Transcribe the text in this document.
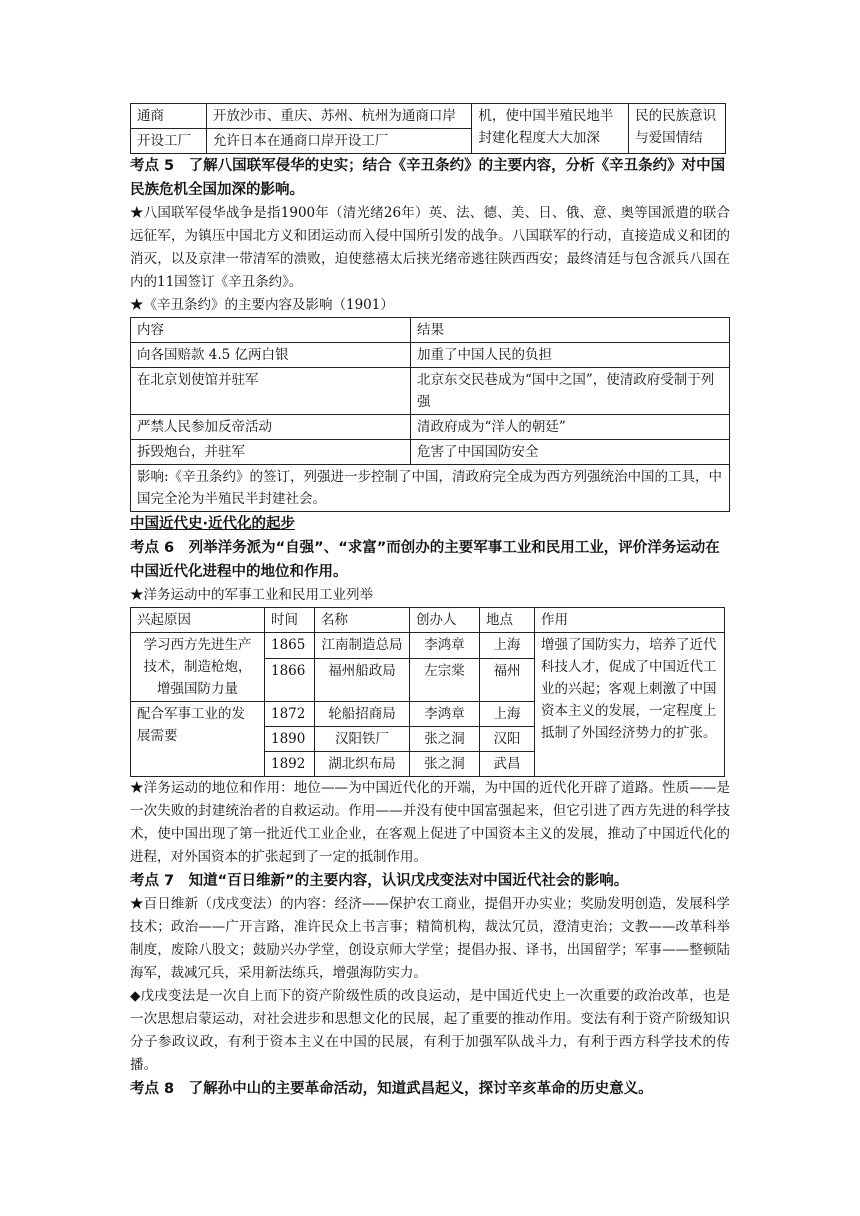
通商	开放沙市、重庆、苏州、杭州为通商口岸	机，使中国半殖民地半封建化程度大大加深	民的民族意识与爱国情结
开设工厂	允许日本在通商口岸开设工厂		

考点 5　了解八国联军侵华的史实；结合《辛丑条约》的主要内容，分析《辛丑条约》对中国民族危机全国加深的影响。

★八国联军侵华战争是指1900年（清光绪26年）英、法、德、美、日、俄、意、奥等国派遣的联合远征军，为镇压中国北方义和团运动而入侵中国所引发的战争。八国联军的行动，直接造成义和团的消灭，以及京津一带清军的溃败，迫使慈禧太后挟光绪帝逃往陕西西安；最终清廷与包含派兵八国在内的11国签订《辛丑条约》。

★《辛丑条约》的主要内容及影响（1901）

内容	结果
向各国赔款 4.5 亿两白银	加重了中国人民的负担
在北京划使馆并驻军	北京东交民巷成为“国中之国”，使清政府受制于列强
严禁人民参加反帝活动	清政府成为“洋人的朝廷”
拆毁炮台，并驻军	危害了中国国防安全
影响:《辛丑条约》的签订，列强进一步控制了中国，清政府完全成为西方列强统治中国的工具，中国完全沦为半殖民半封建社会。	

中国近代史·近代化的起步

考点 6　列举洋务派为“自强”、“求富”而创办的主要军事工业和民用工业，评价洋务运动在中国近代化进程中的地位和作用。

★洋务运动中的军事工业和民用工业列举

兴起原因	时间	名称	创办人	地点	作用
学习西方先进生产技术，制造枪炮，增强国防力量	1865	江南制造总局	李鸿章	上海	增强了国防实力，培养了近代科技人才，促成了中国近代工业的兴起；客观上刺激了中国资本主义的发展，一定程度上抵制了外国经济势力的扩张。
	1866	福州船政局	左宗棠	福州	
配合军事工业的发展需要	1872	轮船招商局	李鸿章	上海	
	1890	汉阳铁厂	张之洞	汉阳	
	1892	湖北织布局	张之洞	武昌	

★洋务运动的地位和作用：地位——为中国近代化的开端，为中国的近代化开辟了道路。性质——是一次失败的封建统治者的自救运动。作用——并没有使中国富强起来，但它引进了西方先进的科学技术，使中国出现了第一批近代工业企业，在客观上促进了中国资本主义的发展，推动了中国近代化的进程，对外国资本的扩张起到了一定的抵制作用。

考点 7　知道“百日维新”的主要内容，认识戊戌变法对中国近代社会的影响。

★百日维新（戊戌变法）的内容：经济——保护农工商业，提倡开办实业；奖励发明创造，发展科学技术；政治——广开言路，准许民众上书言事；精简机构，裁汰冗员，澄清吏治；文教——改革科举制度，废除八股文；鼓励兴办学堂，创设京师大学堂；提倡办报、译书，出国留学；军事——整顿陆海军，裁减冗兵，采用新法练兵，增强海防实力。

◆戊戌变法是一次自上而下的资产阶级性质的改良运动，是中国近代史上一次重要的政治改革，也是一次思想启蒙运动，对社会进步和思想文化的民展，起了重要的推动作用。变法有利于资产阶级知识分子参政议政，有利于资本主义在中国的民展，有利于加强军队战斗力，有利于西方科学技术的传播。

考点 8　了解孙中山的主要革命活动，知道武昌起义，探讨辛亥革命的历史意义。
